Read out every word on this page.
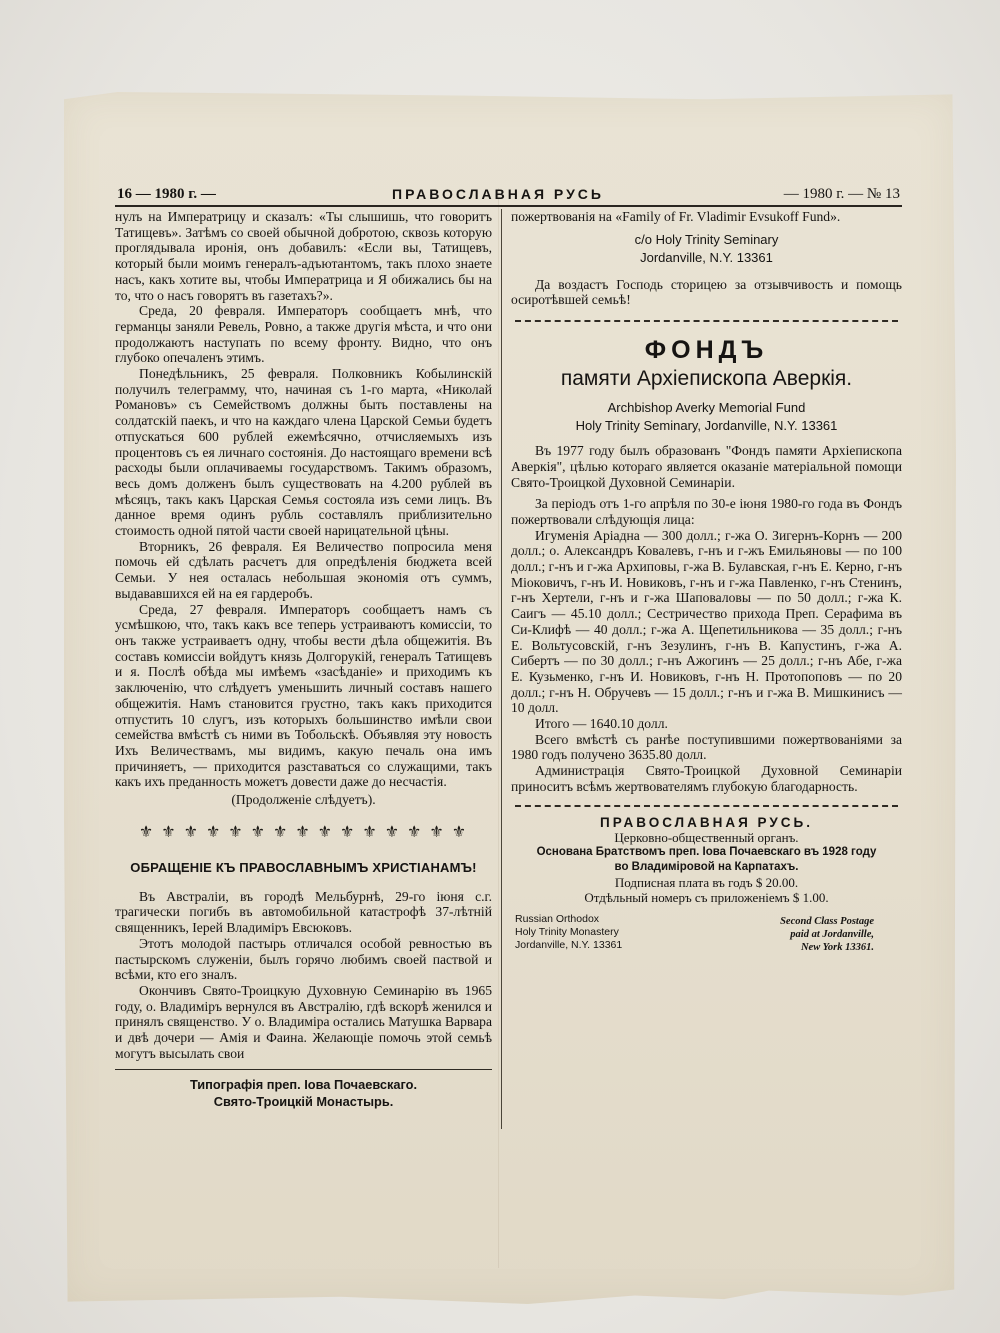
16 — 1980 г. —	ПРАВОСЛАВНАЯ РУСЬ	— 1980 г. — № 13

нулъ на Императрицу и сказалъ: «Ты слышишь, что говоритъ Татищевъ». Затѣмъ со своей обычной добротою, сквозь которую проглядывала иронія, онъ добавилъ: «Если вы, Татищевъ, который были моимъ генералъ-адъютантомъ, такъ плохо знаете насъ, какъ хотите вы, чтобы Императрица и Я обижались бы на то, что о насъ говорятъ въ газетахъ?».

Среда, 20 февраля. Императоръ сообщаетъ мнѣ, что германцы заняли Ревель, Ровно, а также другія мѣста, и что они продолжаютъ наступать по всему фронту. Видно, что онъ глубоко опечаленъ этимъ.

Понедѣльникъ, 25 февраля. Полковникъ Кобылинскій получилъ телеграмму, что, начиная съ 1-го марта, «Николай Романовъ» съ Семействомъ должны быть поставлены на солдатскій паекъ, и что на каждаго члена Царской Семьи будетъ отпускаться 600 рублей ежемѣсячно, отчисляемыхъ изъ процентовъ съ ея личнаго состоянія. До настоящаго времени всѣ расходы были оплачиваемы государствомъ. Такимъ образомъ, весь домъ долженъ былъ существовать на 4.200 рублей въ мѣсяцъ, такъ какъ Царская Семья состояла изъ семи лицъ. Въ данное время одинъ рубль составлялъ приблизительно стоимость одной пятой части своей нарицательной цѣны.

Вторникъ, 26 февраля. Ея Величество попросила меня помочь ей сдѣлать расчетъ для опредѣленія бюджета всей Семьи. У нея осталась небольшая экономія отъ суммъ, выдававшихся ей на ея гардеробъ.

Среда, 27 февраля. Императоръ сообщаетъ намъ съ усмѣшкою, что, такъ какъ все теперь устраиваютъ комиссіи, то онъ также устраиваетъ одну, чтобы вести дѣла общежитія. Въ составъ комиссіи войдутъ князь Долгорукій, генералъ Татищевъ и я. Послѣ обѣда мы имѣемъ «засѣданіе» и приходимъ къ заключенію, что слѣдуетъ уменьшить личный составъ нашего общежитія. Намъ становится грустно, такъ какъ приходится отпустить 10 слугъ, изъ которыхъ большинство имѣли свои семейства вмѣстѣ съ ними въ Тобольскѣ. Объявляя эту новость Ихъ Величествамъ, мы видимъ, какую печаль она имъ причиняетъ, — приходится разставаться со служащими, такъ какъ ихъ преданность можетъ довести даже до несчастія.

(Продолженіе слѣдуетъ).

⚜ ⚜ ⚜ ⚜ ⚜ ⚜ ⚜ ⚜ ⚜ ⚜ ⚜ ⚜ ⚜ ⚜ ⚜
ОБРАЩЕНІЕ КЪ ПРАВОСЛАВНЫМЪ ХРИСТІАНАМЪ!

Въ Австраліи, въ городѣ Мельбурнѣ, 29-го іюня с.г. трагически погибъ въ автомобильной катастрофѣ 37-лѣтній священникъ, Іерей Владиміръ Евсюковъ.

Этотъ молодой пастырь отличался особой ревностью въ пастырскомъ служеніи, былъ горячо любимъ своей паствой и всѣми, кто его зналъ.

Окончивъ Свято-Троицкую Духовную Семинарію въ 1965 году, о. Владиміръ вернулся въ Австралію, гдѣ вскорѣ женился и принялъ священство. У о. Владиміра остались Матушка Варвара и двѣ дочери — Амія и Фаина. Желающіе помочь этой семьѣ могутъ высылать свои

Типографія преп. Іова Почаевскаго.

Свято-Троицкій Монастырь.

пожертвованія на «Family of Fr. Vladimir Evsukoff Fund».

c/o Holy Trinity Seminary
Jordanville, N.Y. 13361

Да воздастъ Господь сторицею за отзывчивость и помощь осиротѣвшей семьѣ!

ФОНДЪ
памяти Архіепископа Аверкія.
Archbishop Averky Memorial Fund
Holy Trinity Seminary, Jordanville, N.Y. 13361

Въ 1977 году былъ образованъ "Фондъ памяти Архіепископа Аверкія", цѣлью котораго является оказаніе матеріальной помощи Свято-Троицкой Духовной Семинаріи.

За періодъ отъ 1-го апрѣля по 30-е іюня 1980-го года въ Фондъ пожертвовали слѣдующія лица:

Игуменія Аріадна — 300 долл.; г-жа О. Зигернъ-Корнъ — 200 долл.; о. Александръ Ковалевъ, г-нъ и г-жъ Емильяновы — по 100 долл.; г-нъ и г-жа Архиповы, г-жа В. Булавская, г-нъ Е. Керно, г-нъ Міоковичъ, г-нъ И. Новиковъ, г-нъ и г-жа Павленко, г-нъ Стенинъ, г-нъ Хертели, г-нъ и г-жа Шаповаловы — по 50 долл.; г-жа К. Саигъ — 45.10 долл.; Сестричество прихода Преп. Серафима въ Си-Клифѣ — 40 долл.; г-жа А. Щепетильникова — 35 долл.; г-нъ Е. Вольтусовскій, г-нъ Зезулинъ, г-нъ В. Капустинъ, г-жа А. Сибертъ — по 30 долл.; г-нъ Ажогинъ — 25 долл.; г-нъ Абе, г-жа Е. Кузьменко, г-нъ И. Новиковъ, г-нъ Н. Протопоповъ — по 20 долл.; г-нъ Н. Обручевъ — 15 долл.; г-нъ и г-жа В. Мишкинисъ — 10 долл.

Итого — 1640.10 долл.

Всего вмѣстѣ съ ранѣе поступившими пожертвованіями за 1980 годъ получено 3635.80 долл.

Администрація Свято-Троицкой Духовной Семинаріи приноситъ всѣмъ жертвователямъ глубокую благодарность.

ПРАВОСЛАВНАЯ РУСЬ.

Церковно-общественный органъ.

Основана Братствомъ преп. Іова Почаевскаго въ 1928 году

во Владиміровой на Карпатахъ.

Подписная плата въ годъ $ 20.00.

Отдѣльный номеръ съ приложеніемъ $ 1.00.

Russian Orthodox
Holy Trinity Monastery
Jordanville, N.Y. 13361
Second Class Postage
paid at Jordanville,
New York 13361.
